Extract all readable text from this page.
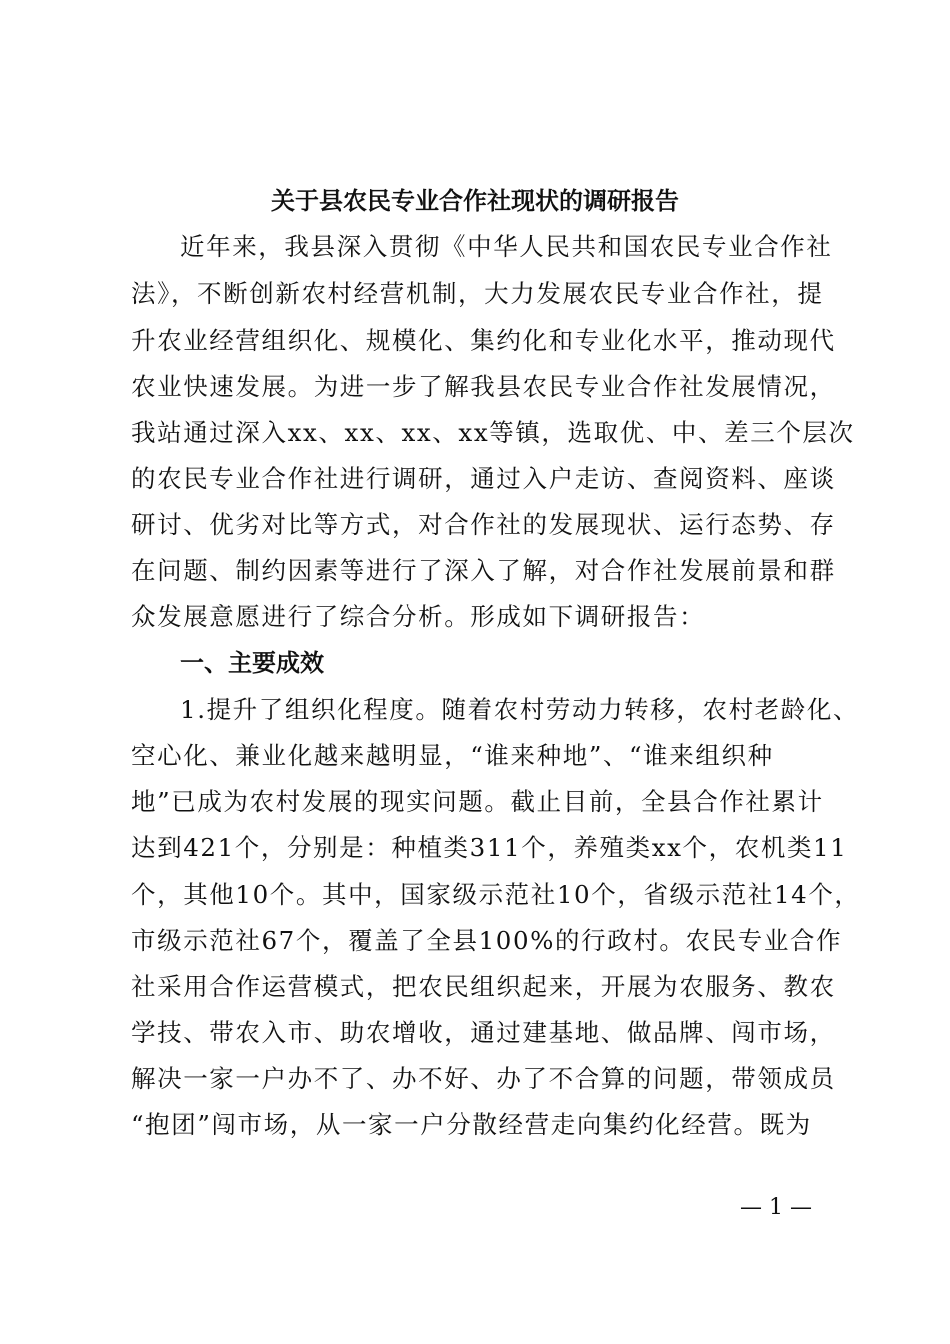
关于县农民专业合作社现状的调研报告
近年来，我县深入贯彻《中华人民共和国农民专业合作社
法》，不断创新农村经营机制，大力发展农民专业合作社，提
升农业经营组织化、规模化、集约化和专业化水平，推动现代
农业快速发展。为进一步了解我县农民专业合作社发展情况，
我站通过深入xx、xx、xx、xx等镇，选取优、中、差三个层次
的农民专业合作社进行调研，通过入户走访、查阅资料、座谈
研讨、优劣对比等方式，对合作社的发展现状、运行态势、存
在问题、制约因素等进行了深入了解，对合作社发展前景和群
众发展意愿进行了综合分析。形成如下调研报告：
一、主要成效
1.提升了组织化程度。随着农村劳动力转移，农村老龄化、
空心化、兼业化越来越明显，“谁来种地”、“谁来组织种
地”已成为农村发展的现实问题。截止目前，全县合作社累计
达到421个，分别是：种植类311个，养殖类xx个，农机类11
个，其他10个。其中，国家级示范社10个，省级示范社14个，
市级示范社67个，覆盖了全县100%的行政村。农民专业合作
社采用合作运营模式，把农民组织起来，开展为农服务、教农
学技、带农入市、助农增收，通过建基地、做品牌、闯市场，
解决一家一户办不了、办不好、办了不合算的问题，带领成员
“抱团”闯市场，从一家一户分散经营走向集约化经营。既为
— 1 —
